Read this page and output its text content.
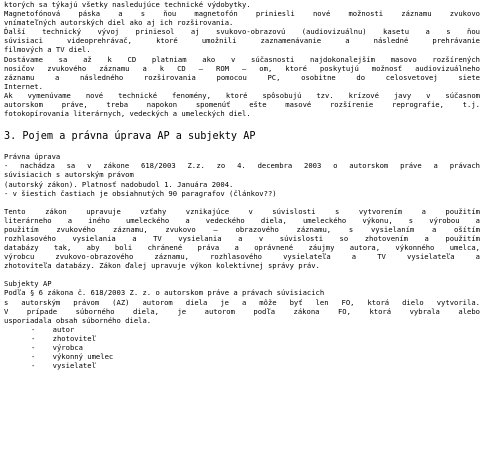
ktorých sa týkajú všetky nasledujúce technické výdobytky.
Magnetofónová páska a s ňou magnetofón priniesli nové možnosti záznamu zvukovo
vnímateľných autorských diel ako aj ich rozširovania.
Ďalší technický vývoj priniesol aj svukovo-obrazovú (audiovizuálnu) kasetu a s ňou
súvisiaci videoprehrávač, ktoré umožnili zaznamenávanie a následné prehrávanie
filmových a TV diel.
Dostávame sa až k CD platniam ako v súčasnosti najdokonalejším masovo rozšírených
nosičov zvukového záznamu a k CD – ROM – om, ktoré poskytujú možnosť audiovizuálneho
záznamu a následného rozširovania pomocou PC, osobitne do celosvetovej siete
Internet.
Ak vymenúvame nové technické fenomény, ktoré spôsobujú tzv. krízové javy v súčasnom
autorskom práve, treba napokon spomenúť ešte masové rozšírenie reprografie, t.j.
fotokopírovania literárnych, vedeckých a umeleckých diel.
3. Pojem a právna úprava AP a subjekty AP
Právna úprava
- nachádza sa v zákone 618/2003 Z.z. zo 4. decembra 2003 o autorskom práve a právach
súvisiacich s autorským právom
(autorský zákon). Platnosť nadobudol 1. Januára 2004.
- v šiestich častiach je obsiahnutých 90 paragrafov (článkov??)
Tento zákon upravuje vzťahy vznikajúce v súvislosti s vytvorením a použitím
literárneho a iného umeleckého a vedeckého diela, umeleckého výkonu, s výrobou a
použitím zvukového záznamu, zvukovo – obrazového záznamu, s vysielaním a ošítím
rozhlasového vysielania a TV vysielania a v súvislosti so zhotovením a použitím
databázy tak, aby boli chránené práva a oprávnené záujmy autora, výkonného umelca,
výrobcu zvukovo-obrazového záznamu, rozhlasového vysielateľa a TV vysielateľa a
zhotoviteľa databázy. Zákon ďalej upravuje výkon kolektívnej správy práv.
Subjekty AP
Podľa § 6 zákona č. 618/2003 Z. z. o autorskom práve a právach súvisiacich
s autorským právom (AZ) autorom diela je a môže byť len FO, ktorá dielo vytvorila.
V prípade súborného diela, je autorom podľa zákona FO, ktorá vybrala alebo
usporiadala obsah súborného diela.
-    autor
-    zhotoviteľ
-    výrobca
-    výkonný umelec
-    vysielateľ
